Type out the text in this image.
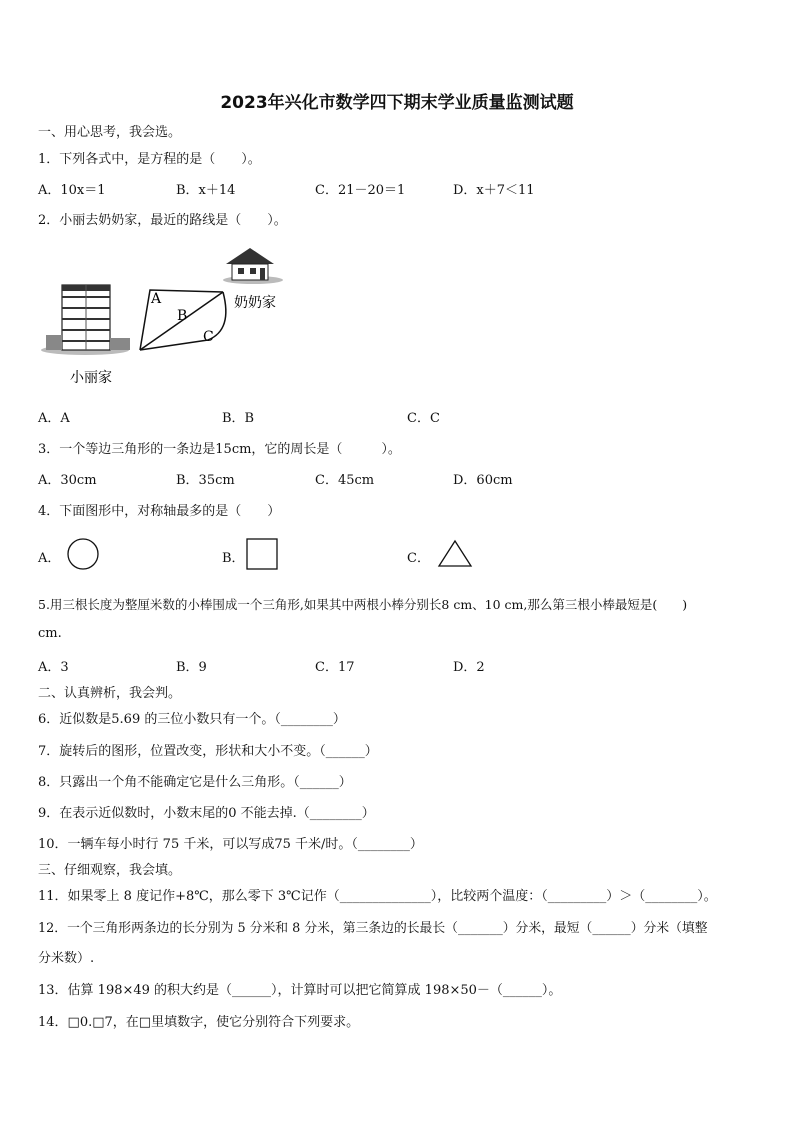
2023年兴化市数学四下期末学业质量监测试题
一、用心思考，我会选。
1．下列各式中，是方程的是（　　）。
A．10x＝1	B．x＋14	C．21－20＝1	D．x＋7＜11
2．小丽去奶奶家，最近的路线是（　　）。
小丽家
奶奶家
A
B
C
A．A	B．B	C．C
3．一个等边三角形的一条边是15cm，它的周长是（　　　）。
A．30cm	B．35cm	C．45cm	D．60cm
4．下面图形中，对称轴最多的是（　　）
A．	B．	C．
5.用三根长度为整厘米数的小棒围成一个三角形,如果其中两根小棒分别长8 cm、10 cm,那么第三根小棒最短是(　　)
cm.
A．3	B．9	C．17	D．2
二、认真辨析，我会判。
6．近似数是5.69 的三位小数只有一个。（________）
7．旋转后的图形，位置改变，形状和大小不变。（______）
8．只露出一个角不能确定它是什么三角形。（______）
9．在表示近似数时，小数末尾的0 不能去掉.（________）
10．一辆车每小时行 75 千米，可以写成75 千米/时。（________）
三、仔细观察，我会填。
11．如果零上 8 度记作+8℃，那么零下 3℃记作（______________），比较两个温度：（_________）＞（________）。
12．一个三角形两条边的长分别为 5 分米和 8 分米，第三条边的长最长（_______）分米，最短（______）分米（填整
分米数）.
13．估算 198×49 的积大约是（______），计算时可以把它简算成 198×50－（______）。
14．□0.□7，在□里填数字，使它分别符合下列要求。
